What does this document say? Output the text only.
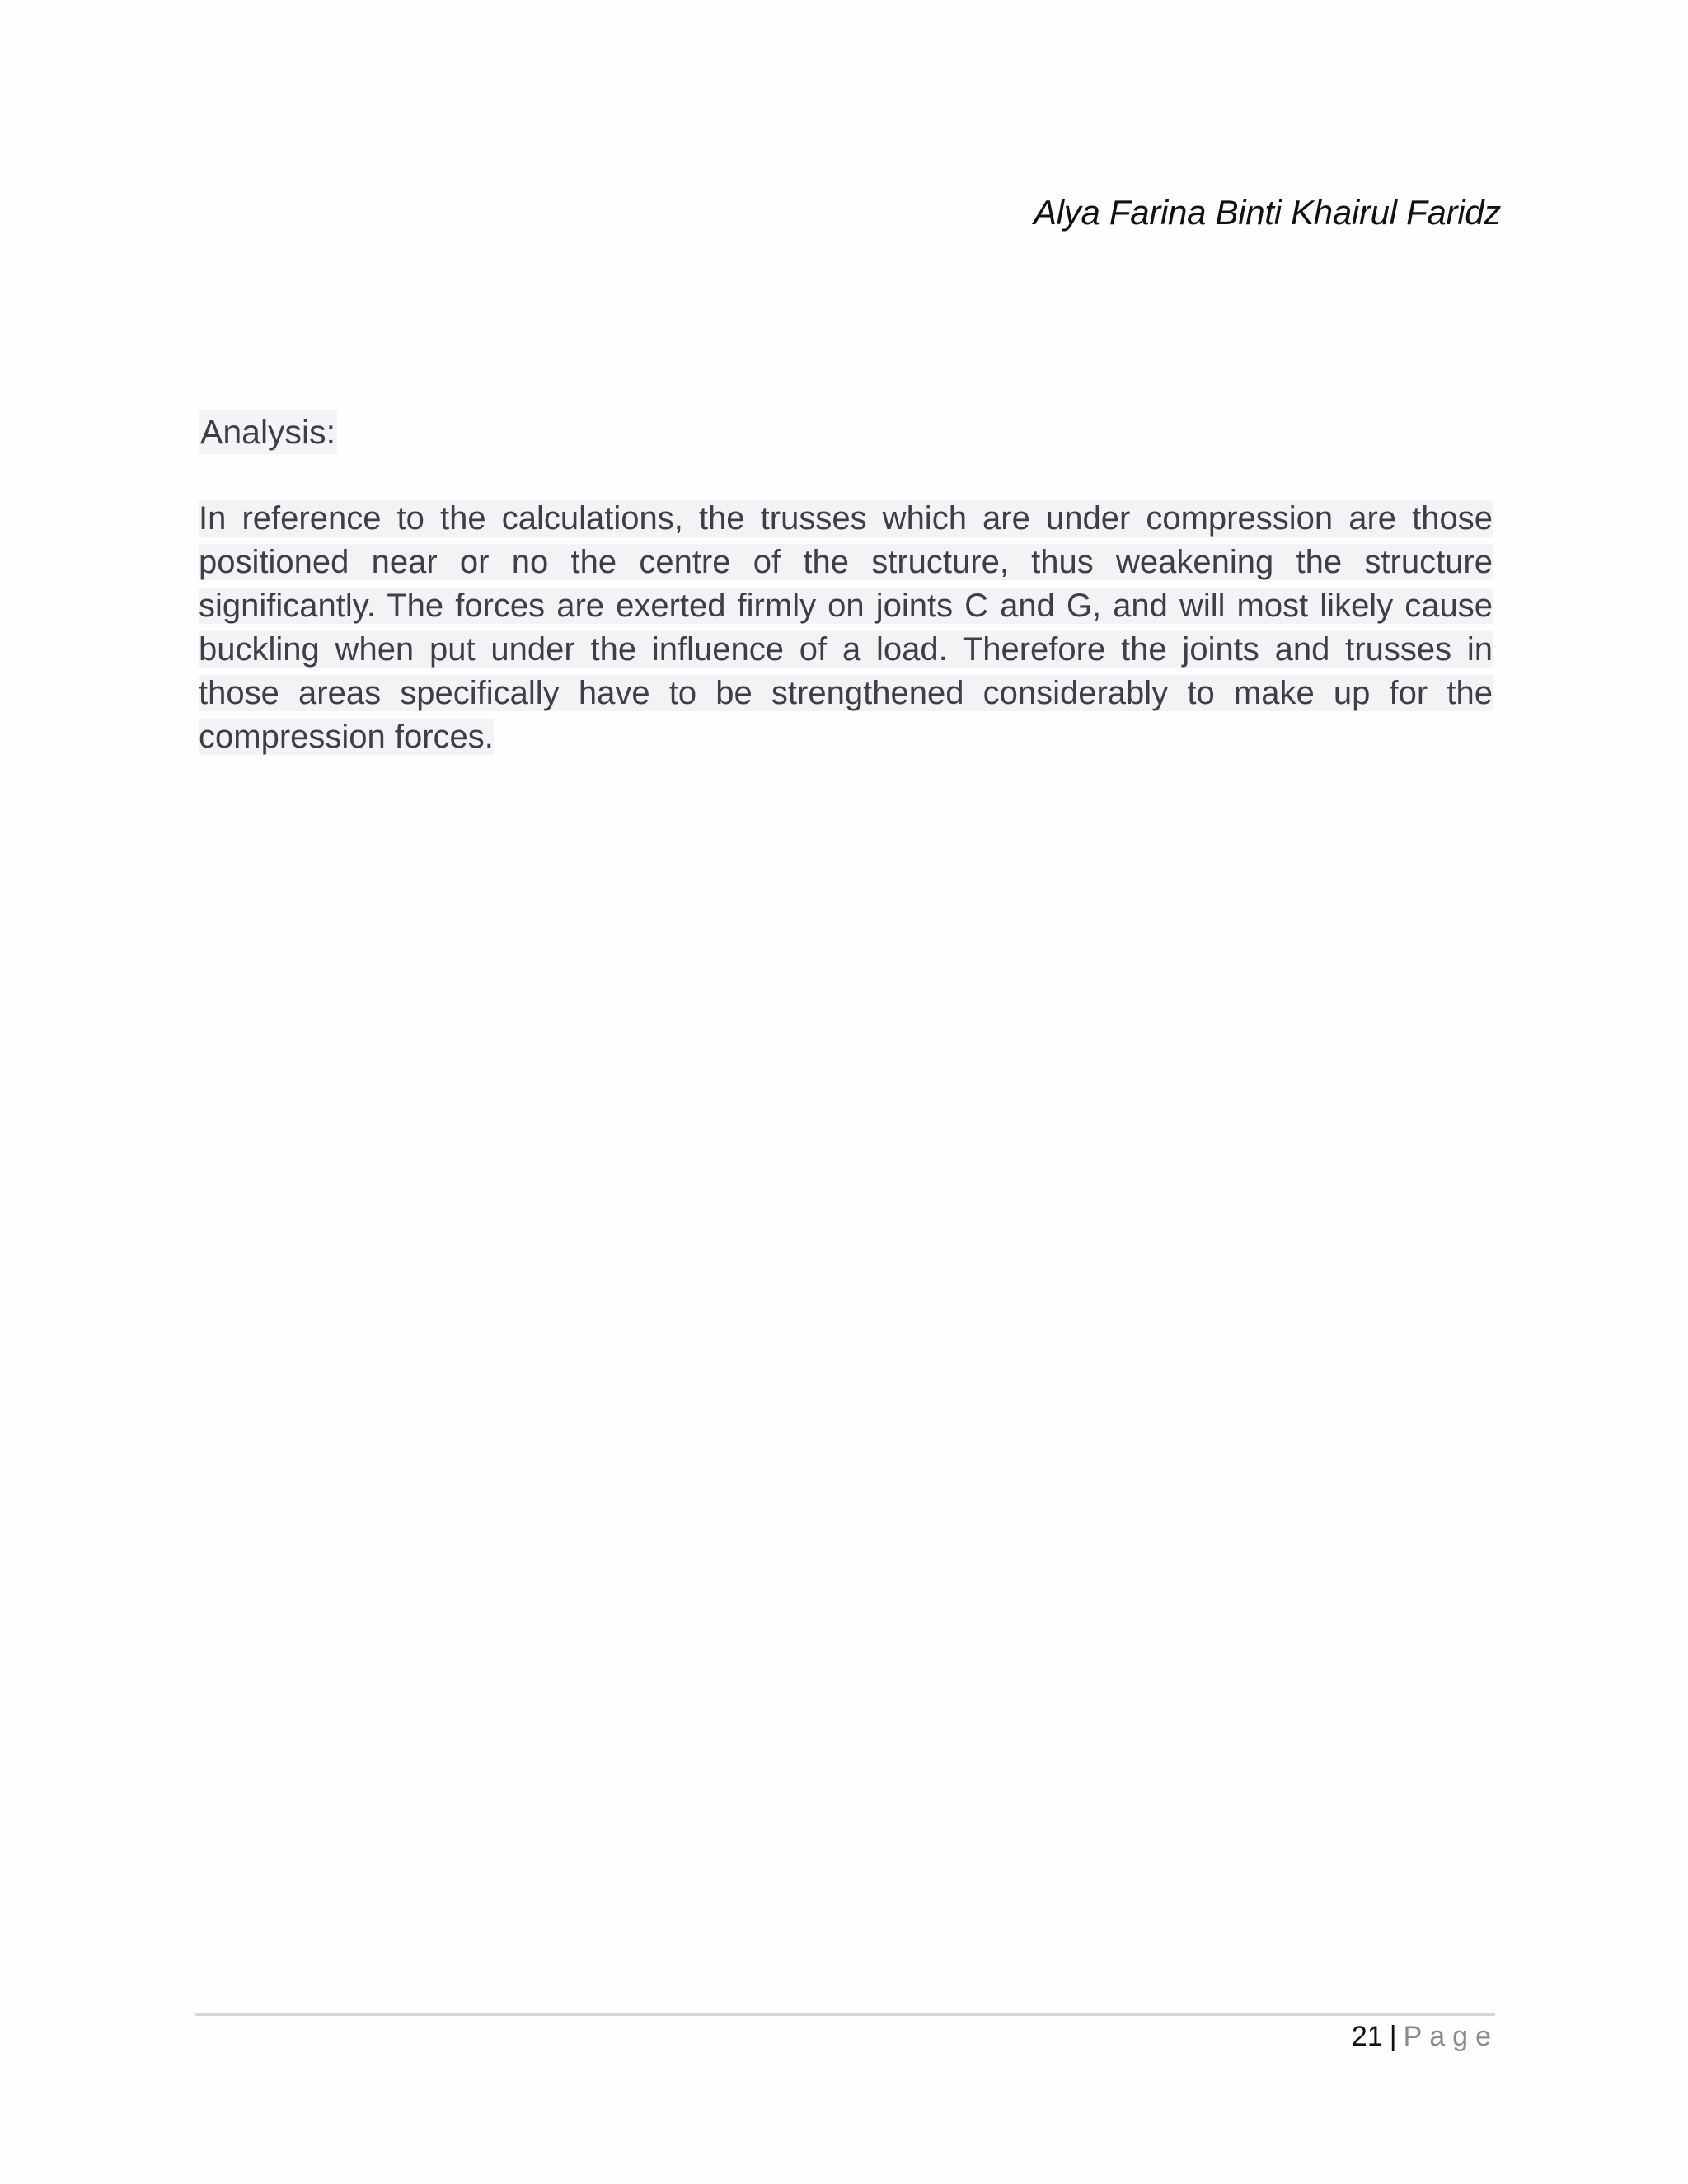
Alya Farina Binti Khairul Faridz
Analysis:

In reference to the calculations, the trusses which are under compression are those positioned near or no the centre of the structure, thus weakening the structure significantly. The forces are exerted firmly on joints C and G, and will most likely cause buckling when put under the influence of a load. Therefore the joints and trusses in those areas specifically have to be strengthened considerably to make up for the compression forces.

21 | Page
